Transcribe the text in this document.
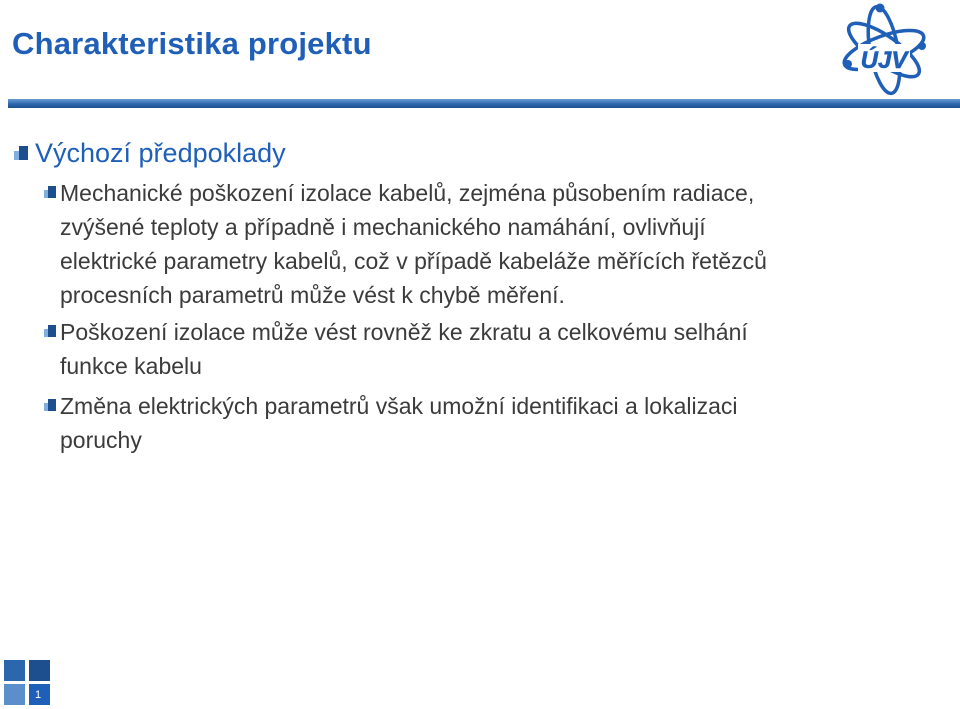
Charakteristika projektu	ÚJV
Výchozí předpoklady
Mechanické poškození izolace kabelů, zejména působením radiace,
zvýšené teploty a případně i mechanického namáhání, ovlivňují
elektrické parametry kabelů, což v případě kabeláže měřících řetězců
procesních parametrů může vést k chybě měření.
Poškození izolace může vést rovněž ke zkratu a celkovému selhání
funkce kabelu
Změna elektrických parametrů však umožní identifikaci a lokalizaci
poruchy
1
